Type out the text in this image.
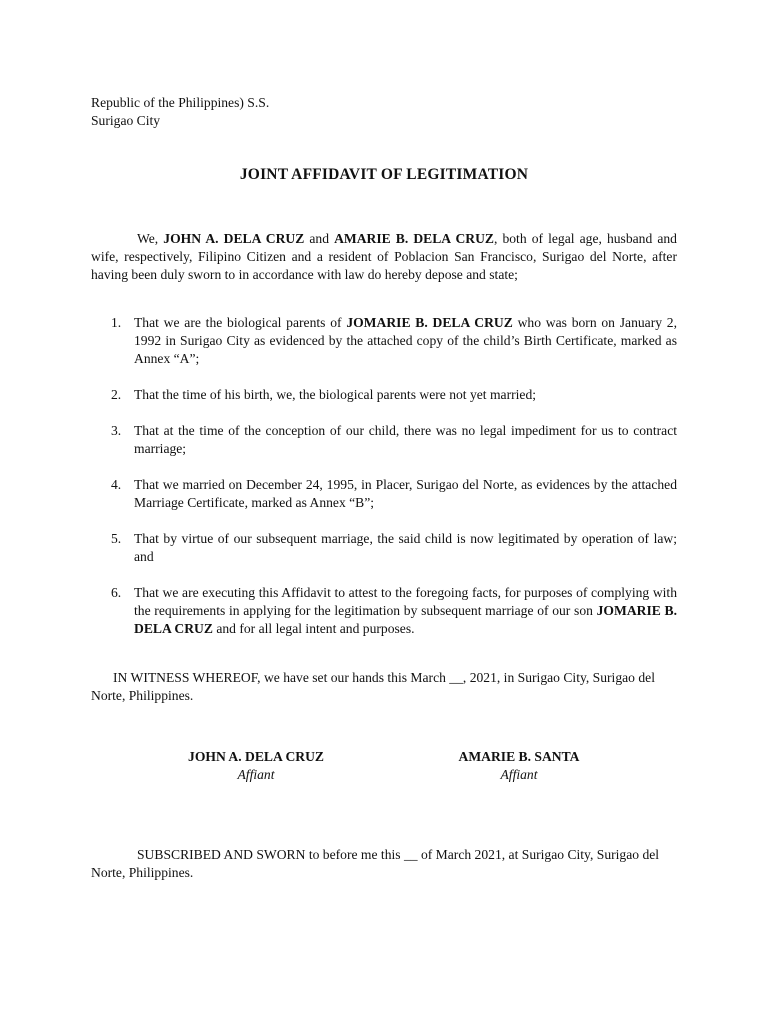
Republic of the Philippines) S.S.
Surigao City
JOINT AFFIDAVIT OF LEGITIMATION
We, JOHN A. DELA CRUZ and AMARIE B. DELA CRUZ, both of legal age, husband and wife, respectively, Filipino Citizen and a resident of Poblacion San Francisco, Surigao del Norte, after having been duly sworn to in accordance with law do hereby depose and state;
1. That we are the biological parents of JOMARIE B. DELA CRUZ who was born on January 2, 1992 in Surigao City as evidenced by the attached copy of the child’s Birth Certificate, marked as Annex “A”;
2. That the time of his birth, we, the biological parents were not yet married;
3. That at the time of the conception of our child, there was no legal impediment for us to contract marriage;
4. That we married on December 24, 1995, in Placer, Surigao del Norte, as evidences by the attached Marriage Certificate, marked as Annex “B”;
5. That by virtue of our subsequent marriage, the said child is now legitimated by operation of law; and
6. That we are executing this Affidavit to attest to the foregoing facts, for purposes of complying with the requirements in applying for the legitimation by subsequent marriage of our son JOMARIE B. DELA CRUZ and for all legal intent and purposes.
IN WITNESS WHEREOF, we have set our hands this March __, 2021, in Surigao City, Surigao del Norte, Philippines.
JOHN A. DELA CRUZ
Affiant
AMARIE B. SANTA
Affiant
SUBSCRIBED AND SWORN to before me this __ of March 2021, at Surigao City, Surigao del Norte, Philippines.
